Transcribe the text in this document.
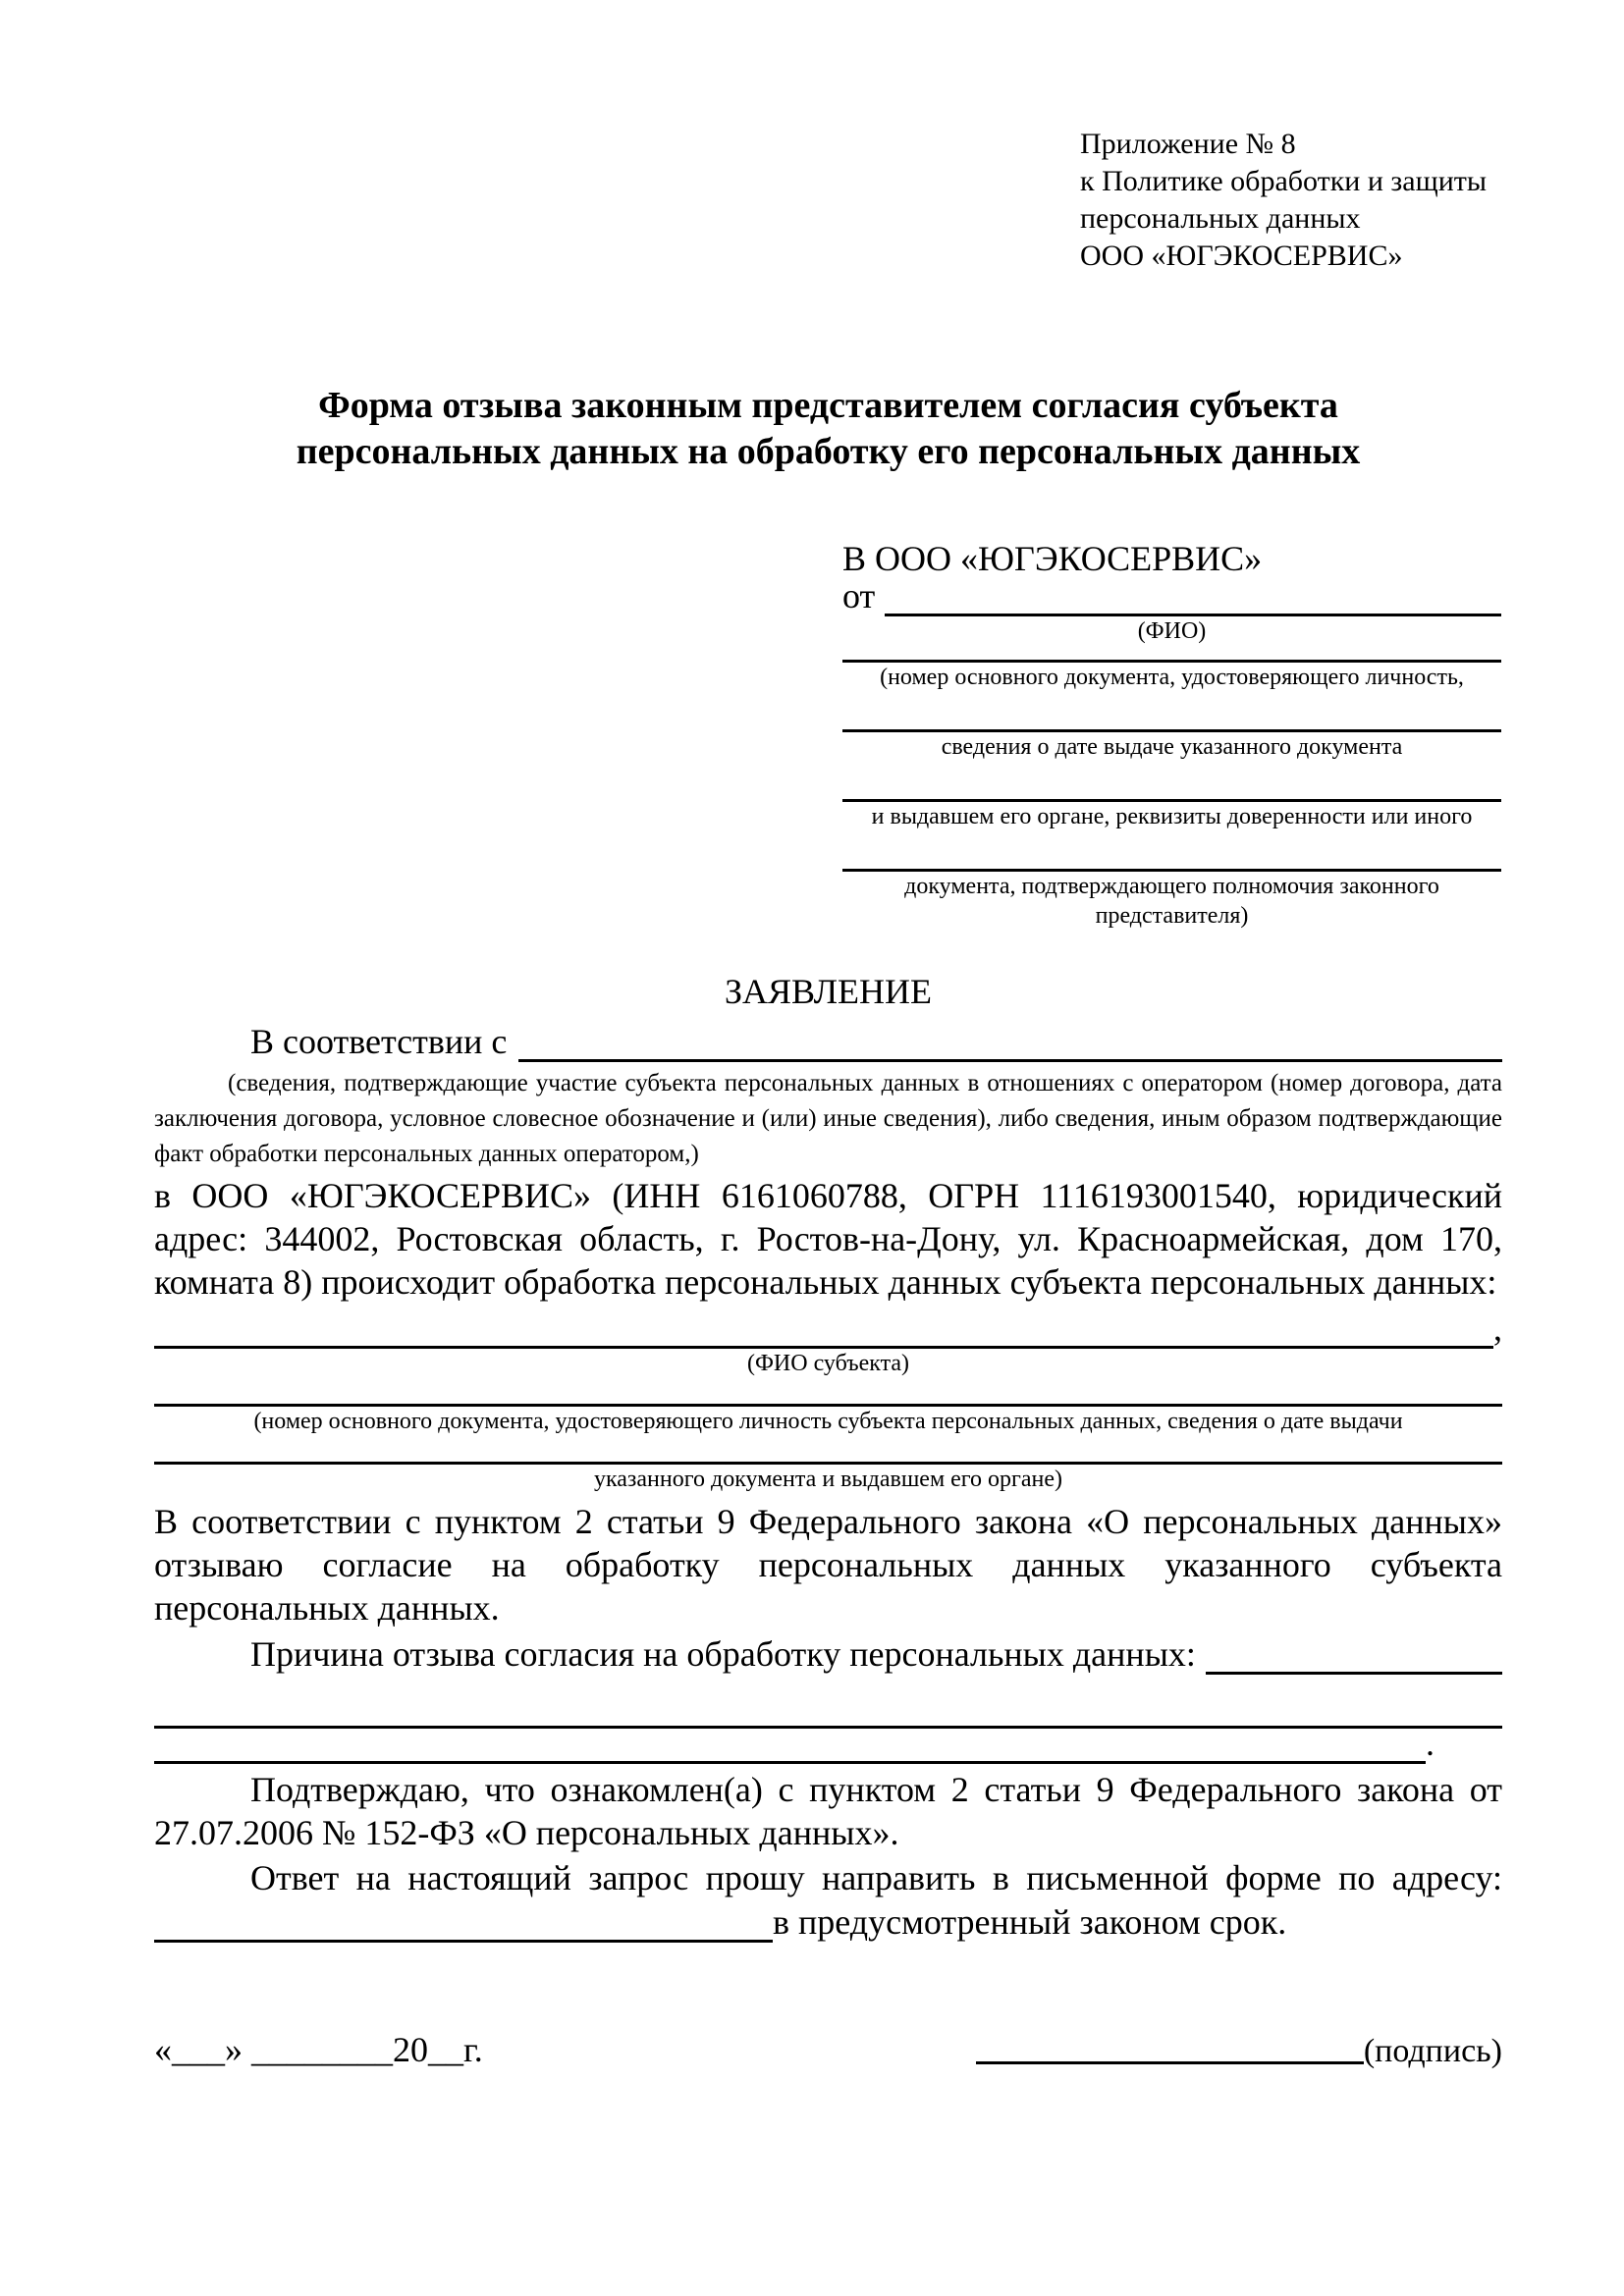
Приложение № 8
к Политике обработки и защиты
персональных данных
ООО «ЮГЭКОСЕРВИС»
Форма отзыва законным представителем согласия субъекта персональных данных на обработку его персональных данных
В ООО «ЮГЭКОСЕРВИС»
от
(ФИО)
(номер основного документа, удостоверяющего личность,
сведения о дате выдаче указанного документа
и выдавшем его органе, реквизиты доверенности или иного
документа, подтверждающего полномочия законного представителя)
ЗАЯВЛЕНИЕ
В соответствии с
(сведения, подтверждающие участие субъекта персональных данных в отношениях с оператором (номер договора, дата заключения договора, условное словесное обозначение и (или) иные сведения), либо сведения, иным образом подтверждающие факт обработки персональных данных оператором,)
в ООО «ЮГЭКОСЕРВИС» (ИНН 6161060788, ОГРН 1116193001540, юридический адрес: 344002, Ростовская область, г. Ростов-на-Дону, ул. Красноармейская, дом 170, комната 8) происходит обработка персональных данных субъекта персональных данных:
,
(ФИО субъекта)
(номер основного документа, удостоверяющего личность субъекта персональных данных, сведения о дате выдачи
указанного документа и выдавшем его органе)
В соответствии с пунктом 2 статьи 9 Федерального закона «О персональных данных» отзываю согласие на обработку персональных данных указанного субъекта персональных данных.
Причина отзыва согласия на обработку персональных данных:
.
Подтверждаю, что ознакомлен(а) с пунктом 2 статьи 9 Федерального закона от 27.07.2006 № 152-ФЗ «О персональных данных».
Ответ на настоящий запрос прошу направить в письменной форме по адресу:
в предусмотренный законом срок.
«___» ________20__г.	(подпись)
